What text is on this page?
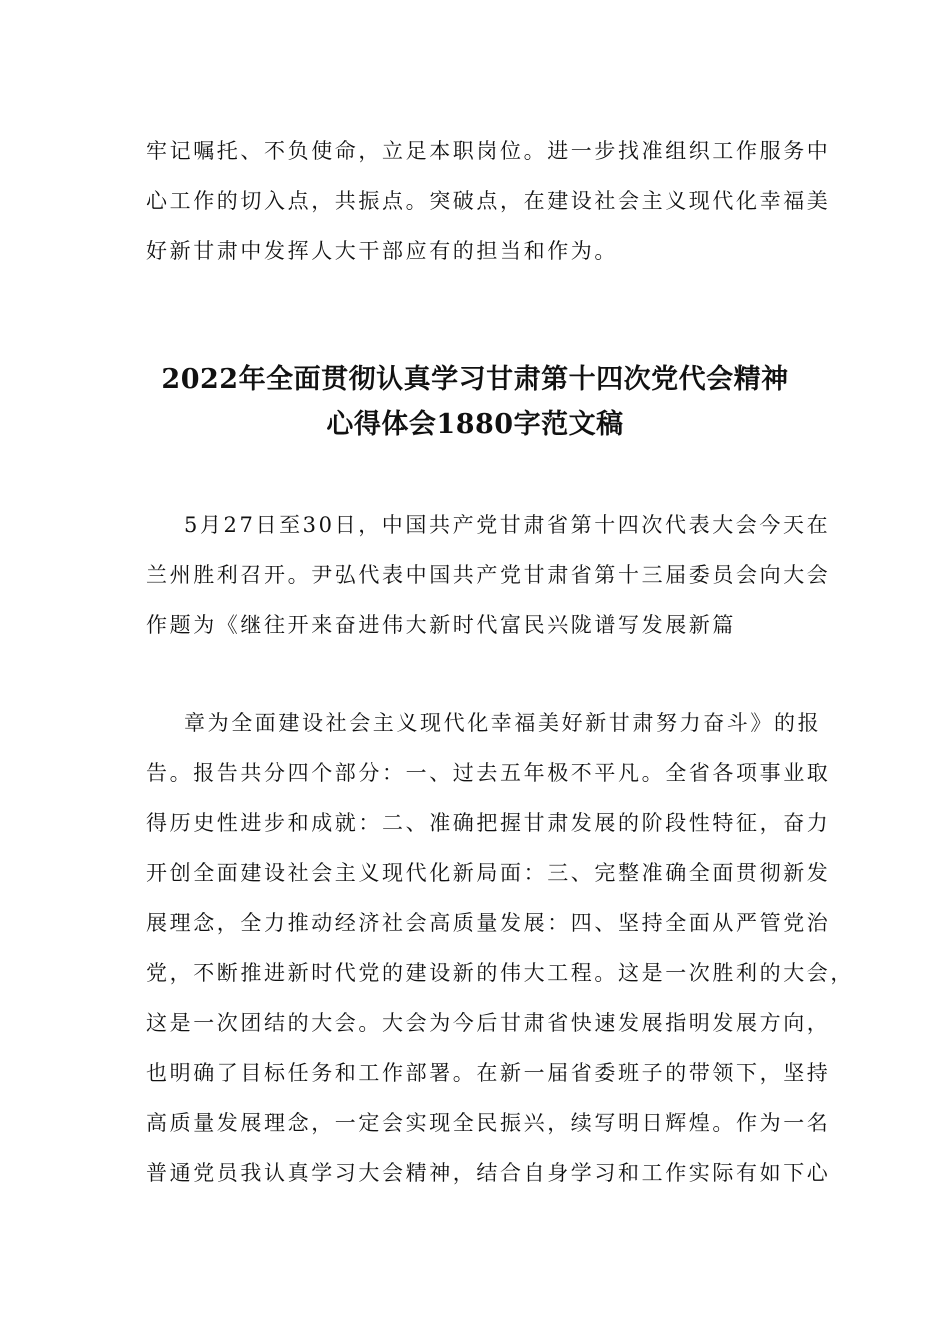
牢记嘱托、不负使命，立足本职岗位。进一步找准组织工作服务中
心工作的切入点，共振点。突破点，在建设社会主义现代化幸福美
好新甘肃中发挥人大干部应有的担当和作为。
2022年全面贯彻认真学习甘肃第十四次党代会精神
心得体会1880字范文稿
5月27日至30日，中国共产党甘肃省第十四次代表大会今天在
兰州胜利召开。尹弘代表中国共产党甘肃省第十三届委员会向大会
作题为《继往开来奋进伟大新时代富民兴陇谱写发展新篇
章为全面建设社会主义现代化幸福美好新甘肃努力奋斗》的报
告。报告共分四个部分：一、过去五年极不平凡。全省各项事业取
得历史性进步和成就：二、准确把握甘肃发展的阶段性特征，奋力
开创全面建设社会主义现代化新局面：三、完整准确全面贯彻新发
展理念，全力推动经济社会高质量发展：四、坚持全面从严管党治
党，不断推进新时代党的建设新的伟大工程。这是一次胜利的大会，
这是一次团结的大会。大会为今后甘肃省快速发展指明发展方向，
也明确了目标任务和工作部署。在新一届省委班子的带领下，坚持
高质量发展理念，一定会实现全民振兴，续写明日辉煌。作为一名
普通党员我认真学习大会精神，结合自身学习和工作实际有如下心
